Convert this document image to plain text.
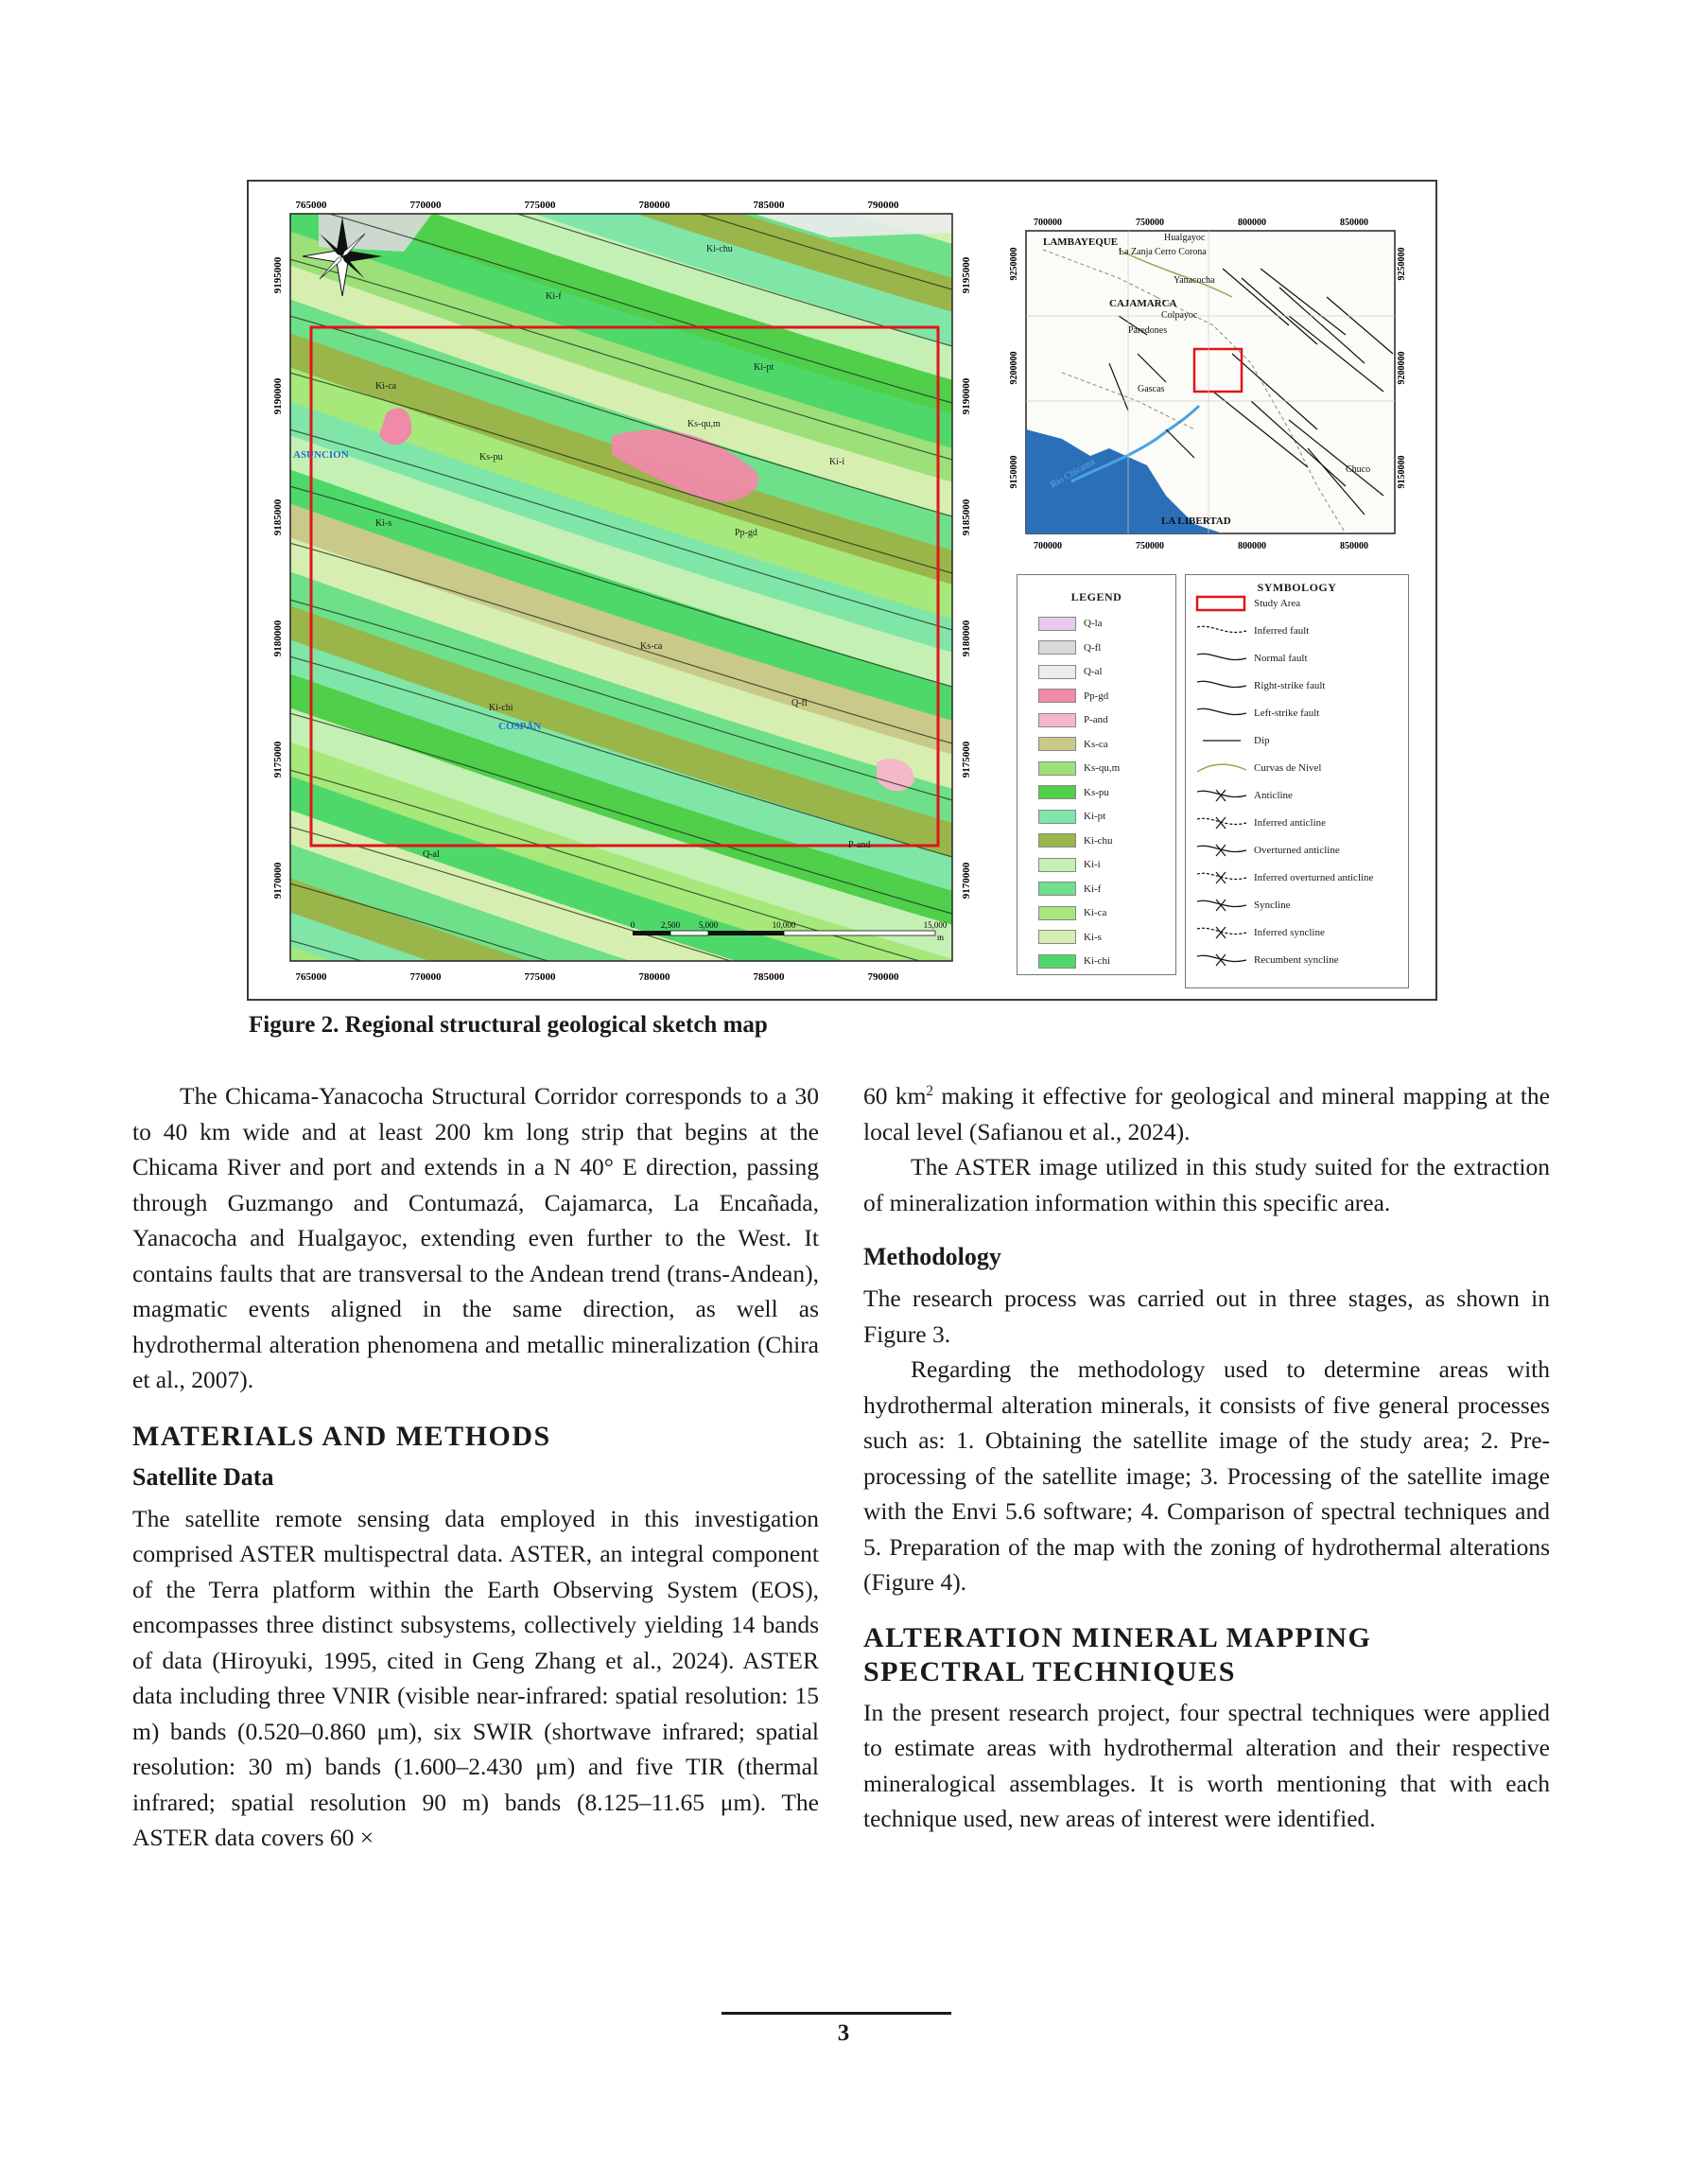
765000	770000	775000	780000	785000	790000
765000	770000	775000	780000	785000	790000
9195000
9190000
9185000
9180000
9175000
9170000
9195000
9190000
9185000
9180000
9175000
9170000
Ki-ca
Ki-f
Ki-chu
Ki-pt
Ks-pu
Ks-qu,m
Ki-i
Pp-gd
Ki-s
Ks-ca
Ki-chi	Q-fl
Q-al
P-and
ASUNCION
COSPÁN
0	2,500 5,000	10,000	15,000
m
700000
700000
750000
750000
800000
800000
850000
850000
9250000	9250000
9200000	9200000
9150000	9150000
LAMBAYEQUE	Hualgayoc
La Zanja Cerro Corona
Yanacocha
CAJAMARCA
Colpayoc
Paredones
Gascas
Río Chicama
LA LIBERTAD
Chuco
LEGEND
Q-la
Q-fl
Q-al
Pp-gd
P-and
Ks-ca
Ks-qu,m
Ks-pu
Ki-pt
Ki-chu
Ki-i
Ki-f
Ki-ca
Ki-s
Ki-chi
SYMBOLOGY
Study Area
Inferred fault
Normal fault
Right-strike fault
Left-strike fault
Dip
Curvas de Nivel
Anticline
Inferred anticline
Overturned anticline
Inferred overturned anticline
Syncline
Inferred syncline
Recumbent syncline
Figure 2. Regional structural geological sketch map

The Chicama-Yanacocha Structural Corridor corresponds to a 30 to 40 km wide and at least 200 km long strip that begins at the Chicama River and port and extends in a N 40° E direction, passing through Guzmango and Contumazá, Cajamarca, La Encañada, Yanacocha and Hualgayoc, extending even further to the West. It contains faults that are transversal to the Andean trend (trans-Andean), magmatic events aligned in the same direction, as well as hydrothermal alteration phenomena and metallic mineralization (Chira et al., 2007).

MATERIALS AND METHODS
Satellite Data

The satellite remote sensing data employed in this investigation comprised ASTER multispectral data. ASTER, an integral component of the Terra platform within the Earth Observing System (EOS), encompasses three distinct subsystems, collectively yielding 14 bands of data (Hiroyuki, 1995, cited in Geng Zhang et al., 2024). ASTER data including three VNIR (visible near-infrared: spatial resolution: 15 m) bands (0.520–0.860 μm), six SWIR (shortwave infrared; spatial resolution: 30 m) bands (1.600–2.430 μm) and five TIR (thermal infrared; spatial resolution 90 m) bands (8.125–11.65 μm). The ASTER data covers 60 ×

60 $km^2$ making it effective for geological and mineral mapping at the local level (Safianou et al., 2024).

The ASTER image utilized in this study suited for the extraction of mineralization information within this specific area.

Methodology

The research process was carried out in three stages, as shown in Figure 3.

Regarding the methodology used to determine areas with hydrothermal alteration minerals, it consists of five general processes such as: 1. Obtaining the satellite image of the study area; 2. Pre-processing of the satellite image; 3. Processing of the satellite image with the Envi 5.6 software; 4. Comparison of spectral techniques and 5. Preparation of the map with the zoning of hydrothermal alterations (Figure 4).

ALTERATION MINERAL MAPPING
SPECTRAL TECHNIQUES

In the present research project, four spectral techniques were applied to estimate areas with hydrothermal alteration and their respective mineralogical assemblages. It is worth mentioning that with each technique used, new areas of interest were identified.

3
